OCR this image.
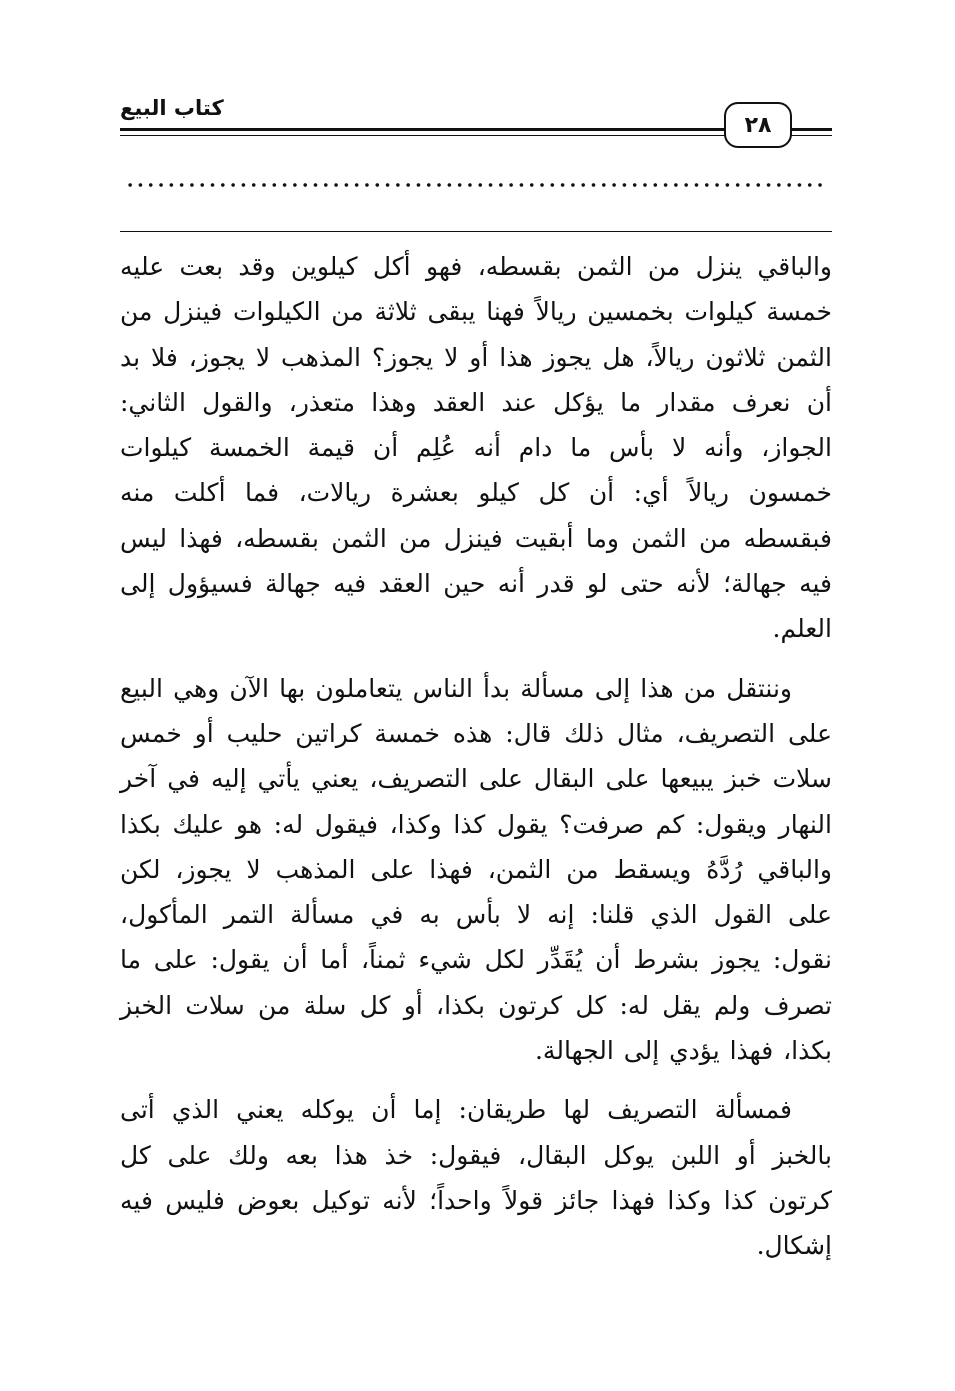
كتاب البيع
٢٨

والباقي ينزل من الثمن بقسطه، فهو أكل كيلوين وقد بعت عليه خمسة كيلوات بخمسين ريالاً فهنا يبقى ثلاثة من الكيلوات فينزل من الثمن ثلاثون ريالاً، هل يجوز هذا أو لا يجوز؟ المذهب لا يجوز، فلا بد أن نعرف مقدار ما يؤكل عند العقد وهذا متعذر، والقول الثاني: الجواز، وأنه لا بأس ما دام أنه عُلِم أن قيمة الخمسة كيلوات خمسون ريالاً أي: أن كل كيلو بعشرة ريالات، فما أكلت منه فبقسطه من الثمن وما أبقيت فينزل من الثمن بقسطه، فهذا ليس فيه جهالة؛ لأنه حتى لو قدر أنه حين العقد فيه جهالة فسيؤول إلى العلم.

وننتقل من هذا إلى مسألة بدأ الناس يتعاملون بها الآن وهي البيع على التصريف، مثال ذلك قال: هذه خمسة كراتين حليب أو خمس سلات خبز يبيعها على البقال على التصريف، يعني يأتي إليه في آخر النهار ويقول: كم صرفت؟ يقول كذا وكذا، فيقول له: هو عليك بكذا والباقي رُدَّهُ ويسقط من الثمن، فهذا على المذهب لا يجوز، لكن على القول الذي قلنا: إنه لا بأس به في مسألة التمر المأكول، نقول: يجوز بشرط أن يُقَدِّر لكل شيء ثمناً، أما أن يقول: على ما تصرف ولم يقل له: كل كرتون بكذا، أو كل سلة من سلات الخبز بكذا، فهذا يؤدي إلى الجهالة.

فمسألة التصريف لها طريقان: إما أن يوكله يعني الذي أتى بالخبز أو اللبن يوكل البقال، فيقول: خذ هذا بعه ولك على كل كرتون كذا وكذا فهذا جائز قولاً واحداً؛ لأنه توكيل بعوض فليس فيه إشكال.
